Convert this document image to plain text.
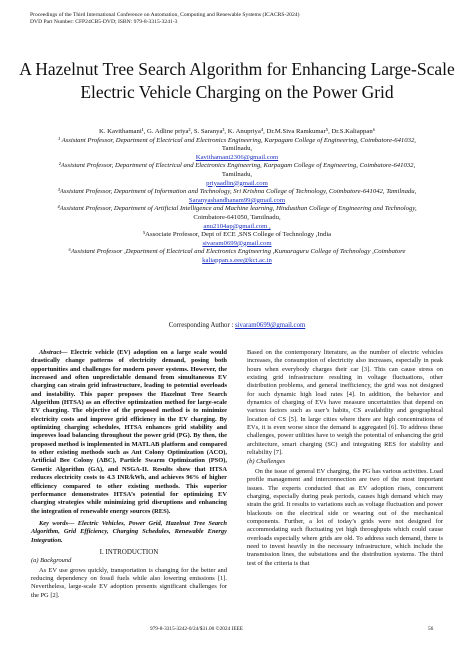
Proceedings of the Third International Conference on Automation, Computing and Renewable Systems (ICACRS-2024)
DVD Part Number: CFP24CB5-DVD; ISBN: 979-8-3315-3241-3
A Hazelnut Tree Search Algorithm for Enhancing Large-Scale Electric Vehicle Charging on the Power Grid
K. Kavithamani¹, G. Adline priya², S. Saranya³, K. Anupriya⁴, Dr.M.Siva Ramkumar⁵, Dr.S.Kaliappan⁶
¹ Assistant Professor, Department of Electrical and Electronics Engineering, Karpagam College of Engineering, Coimbatore-641032,
Tamilnadu,
Kavithamani2306@gmail.com
²Assistant Professor, Department of Electrical and Electronics Engineering, Karpagam College of Engineering, Coimbatore-641032,
Tamilnadu,
priyaadlin@gmail.com
³Assistant Professor, Department of Information and Technology, Sri Krishna College of Technology, Coimbatore-641042, Tamilnadu,
Saranyashandhanam99@gmail.com
⁴Assistant Professor, Department of Artificial Intelligence and Machine learning, Hindusthan College of Engineering and Technology,
Coimbatore-641050, Tamilnadu,
anu2104ap@gmail.com ,
⁵Associate Professor, Dept of ECE ,SNS College of Technology ,India
sivaram0699@gmail.com
⁶Assistant Professor ,Department of Electrical and Electronics Engineering ,Kumaraguru College of Technology ,Coimbatore
kaliappan.s.eee@kct.ac.in
Corresponding Author : sivaram0699@gmail.com
Abstract— Electric vehicle (EV) adoption on a large scale would drastically change patterns of electricity demand, posing both opportunities and challenges for modern power systems. However, the increased and often unpredictable demand from simultaneous EV charging can strain grid infrastructure, leading to potential overloads and instability. This paper proposes the Hazelnut Tree Search Algorithm (HTSA) as an effective optimization method for large-scale EV charging. The objective of the proposed method is to minimize electricity costs and improve grid efficiency in the EV charging. By optimizing charging schedules, HTSA enhances grid stability and improves load balancing throughout the power grid (PG). By then, the proposed method is implemented in MATLAB platform and compared to other existing methods such as Ant Colony Optimization (ACO), Artificial Bee Colony (ABC), Particle Swarm Optimization (PSO), Genetic Algorithm (GA), and NSGA-II. Results show that HTSA reduces electricity costs to 4.3 INR/kWh, and achieves 96% of higher efficiency compared to other existing methods. This superior performance demonstrates HTSA’s potential for optimizing EV charging strategies while minimizing grid disruptions and enhancing the integration of renewable energy sources (RES).
Key words— Electric Vehicles, Power Grid, Hazelnut Tree Search Algorithm, Grid Efficiency, Charging Schedules, Renewable Energy Integration.
I. INTRODUCTION
(a) Background
As EV use grows quickly, transportation is changing for the better and reducing dependency on fossil fuels while also lowering emissions [1]. Nevertheless, large-scale EV adoption presents significant challenges for the PG [2].
Based on the contemporary literature, as the number of electric vehicles increases, the consumption of electricity also increases, especially in peak hours when everybody charges their car [3]. This can cause stress on existing grid infrastructure resulting in voltage fluctuations, other distribution problems, and general inefficiency, the grid was not designed for such dynamic high load rates [4]. In addition, the behavior and dynamics of charging of EVs have measure uncertainties that depend on various factors such as user’s habits, CS availability and geographical location of CS [5]. In large cities where there are high concentrations of EVs, it is even worse since the demand is aggregated [6]. To address these challenges, power utilities have to weigh the potential of enhancing the grid architecture, smart charging (SC) and integrating RES for stability and reliability [7].
(b) Challenges
On the issue of general EV charging, the PG has various activities. Load profile management and interconnection are two of the most important issues. The experts conducted that as EV adoption rises, concurrent charging, especially during peak periods, causes high demand which may strain the grid. It results to variations such as voltage fluctuation and power blackouts on the electrical side or wearing out of the mechanical components. Further, a lot of today’s grids were not designed for accommodating such fluctuating yet high throughputs which could cause overloads especially where grids are old. To address such demand, there is need to invest heavily in the necessary infrastructure, which include the transmission lines, the substations and the distribution systems. The third test of the criteria is that
979-8-3315-3242-0/24/$31.00 ©2024 IEEE	56
